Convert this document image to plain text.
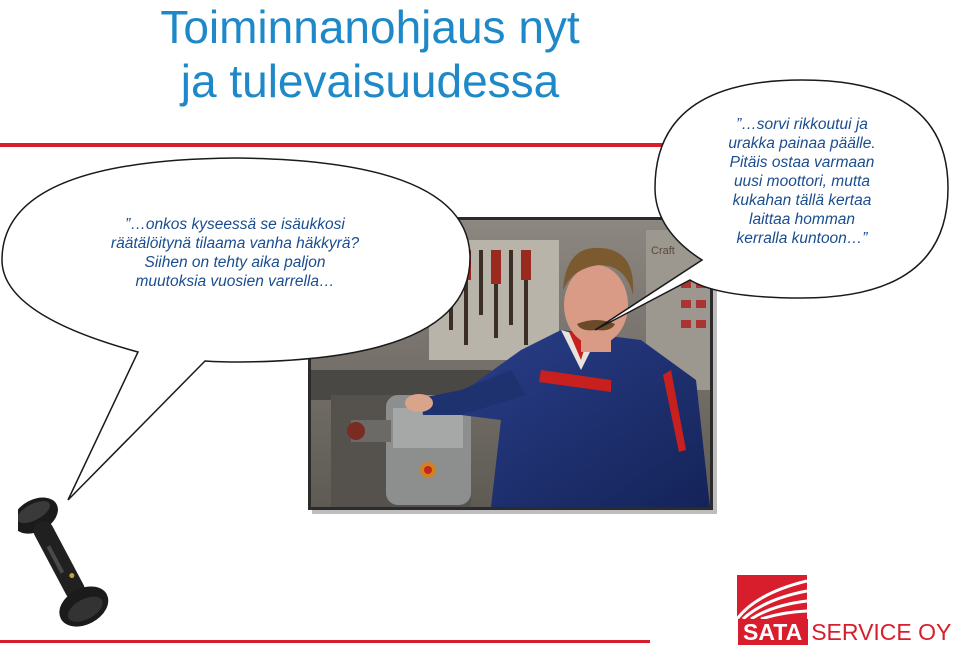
Toiminnanohjaus nyt
ja tulevaisuudessa
Craft
”…onkos kyseessä se isäukkosi
räätälöitynä tilaama vanha häkkyrä?
Siihen on tehty aika paljon
muutoksia vuosien varrella…
”…sorvi rikkoutui ja
urakka painaa päälle.
Pitäis ostaa varmaan
uusi moottori, mutta
kukahan tällä kertaa
laittaa homman
kerralla kuntoon…”
SATA SERVICE OY
